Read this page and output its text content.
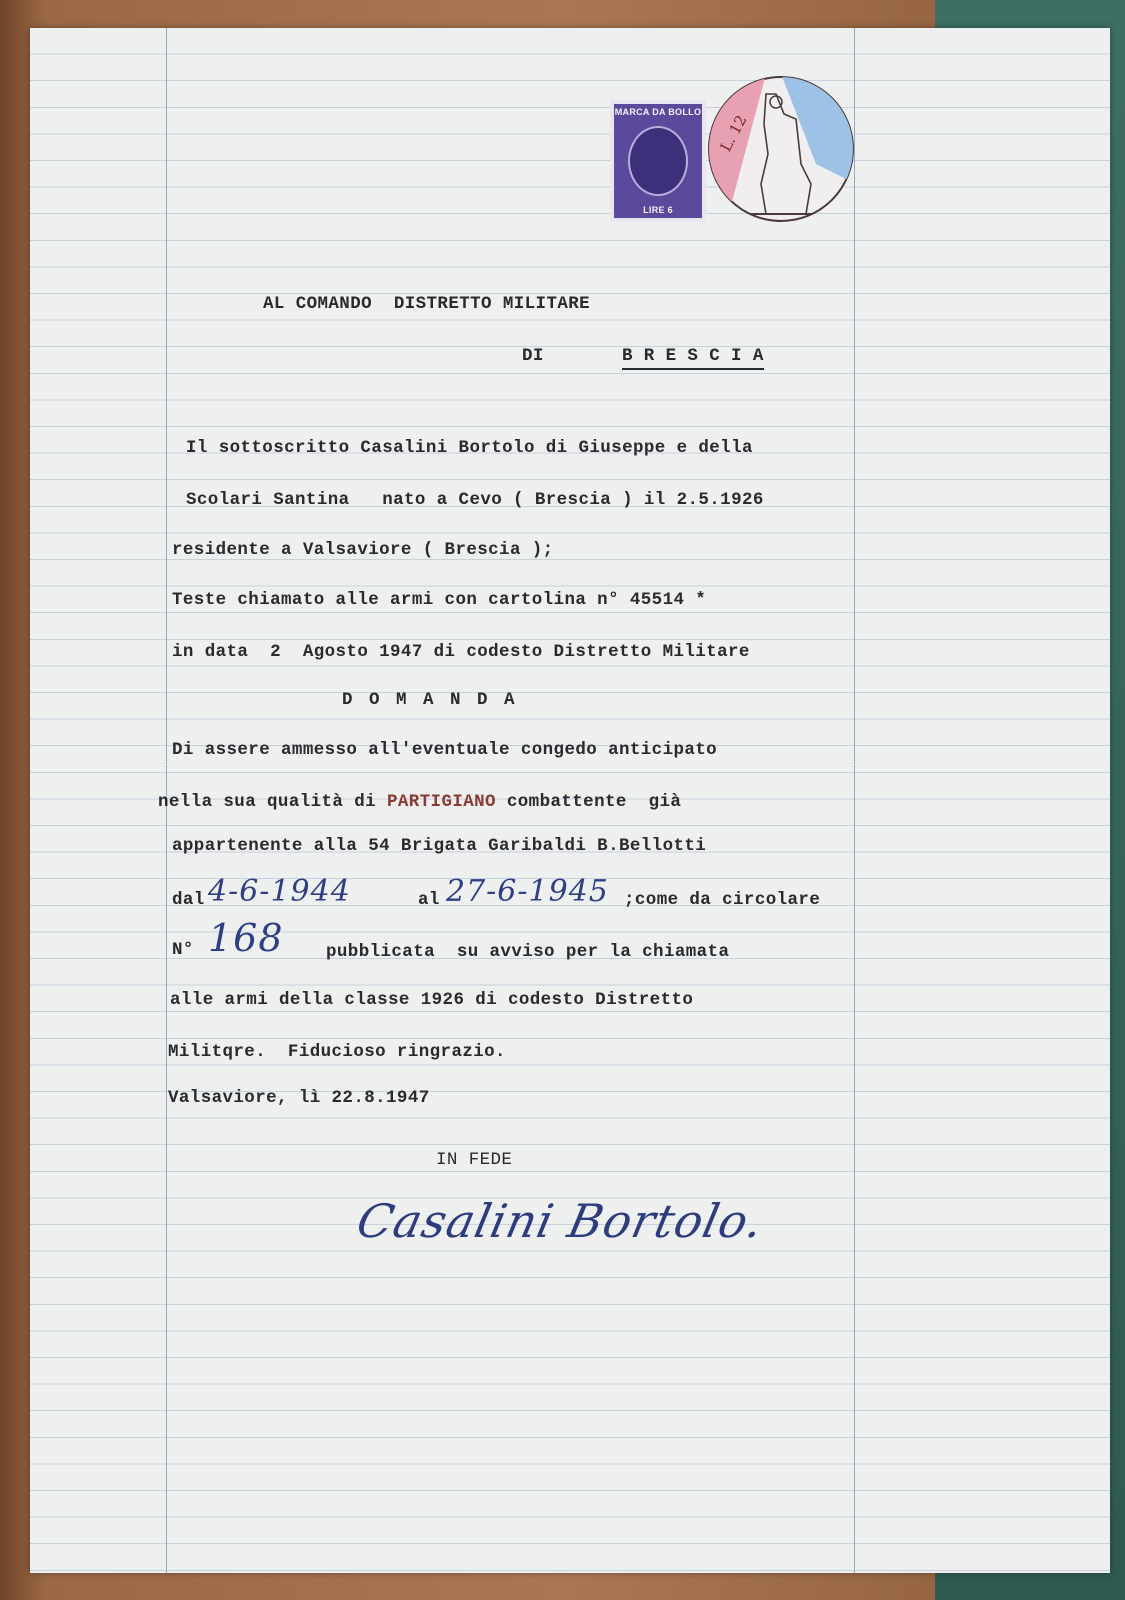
MARCA DA BOLLO
LIRE 6
L. 12
AL COMANDO  DISTRETTO MILITARE
DI	B R E S C I A
Il sottoscritto Casalini Bortolo di Giuseppe e della
Scolari Santina   nato a Cevo ( Brescia ) il 2.5.1926
residente a Valsaviore ( Brescia );
Teste chiamato alle armi con cartolina n° 45514 *
in data  2  Agosto 1947 di codesto Distretto Militare
D O M A N D A
Di assere ammesso all'eventuale congedo anticipato
nella sua qualità di PARTIGIANO combattente  già
appartenente alla 54 Brigata Garibaldi B.Bellotti
dal 4-6-1944	al 27-6-1945 ;come da circolare
N° 168 pubblicata  su avviso per la chiamata
alle armi della classe 1926 di codesto Distretto
Militqre.  Fiducioso ringrazio.
Valsaviore, lì 22.8.1947
IN FEDE
Casalini Bortolo.
